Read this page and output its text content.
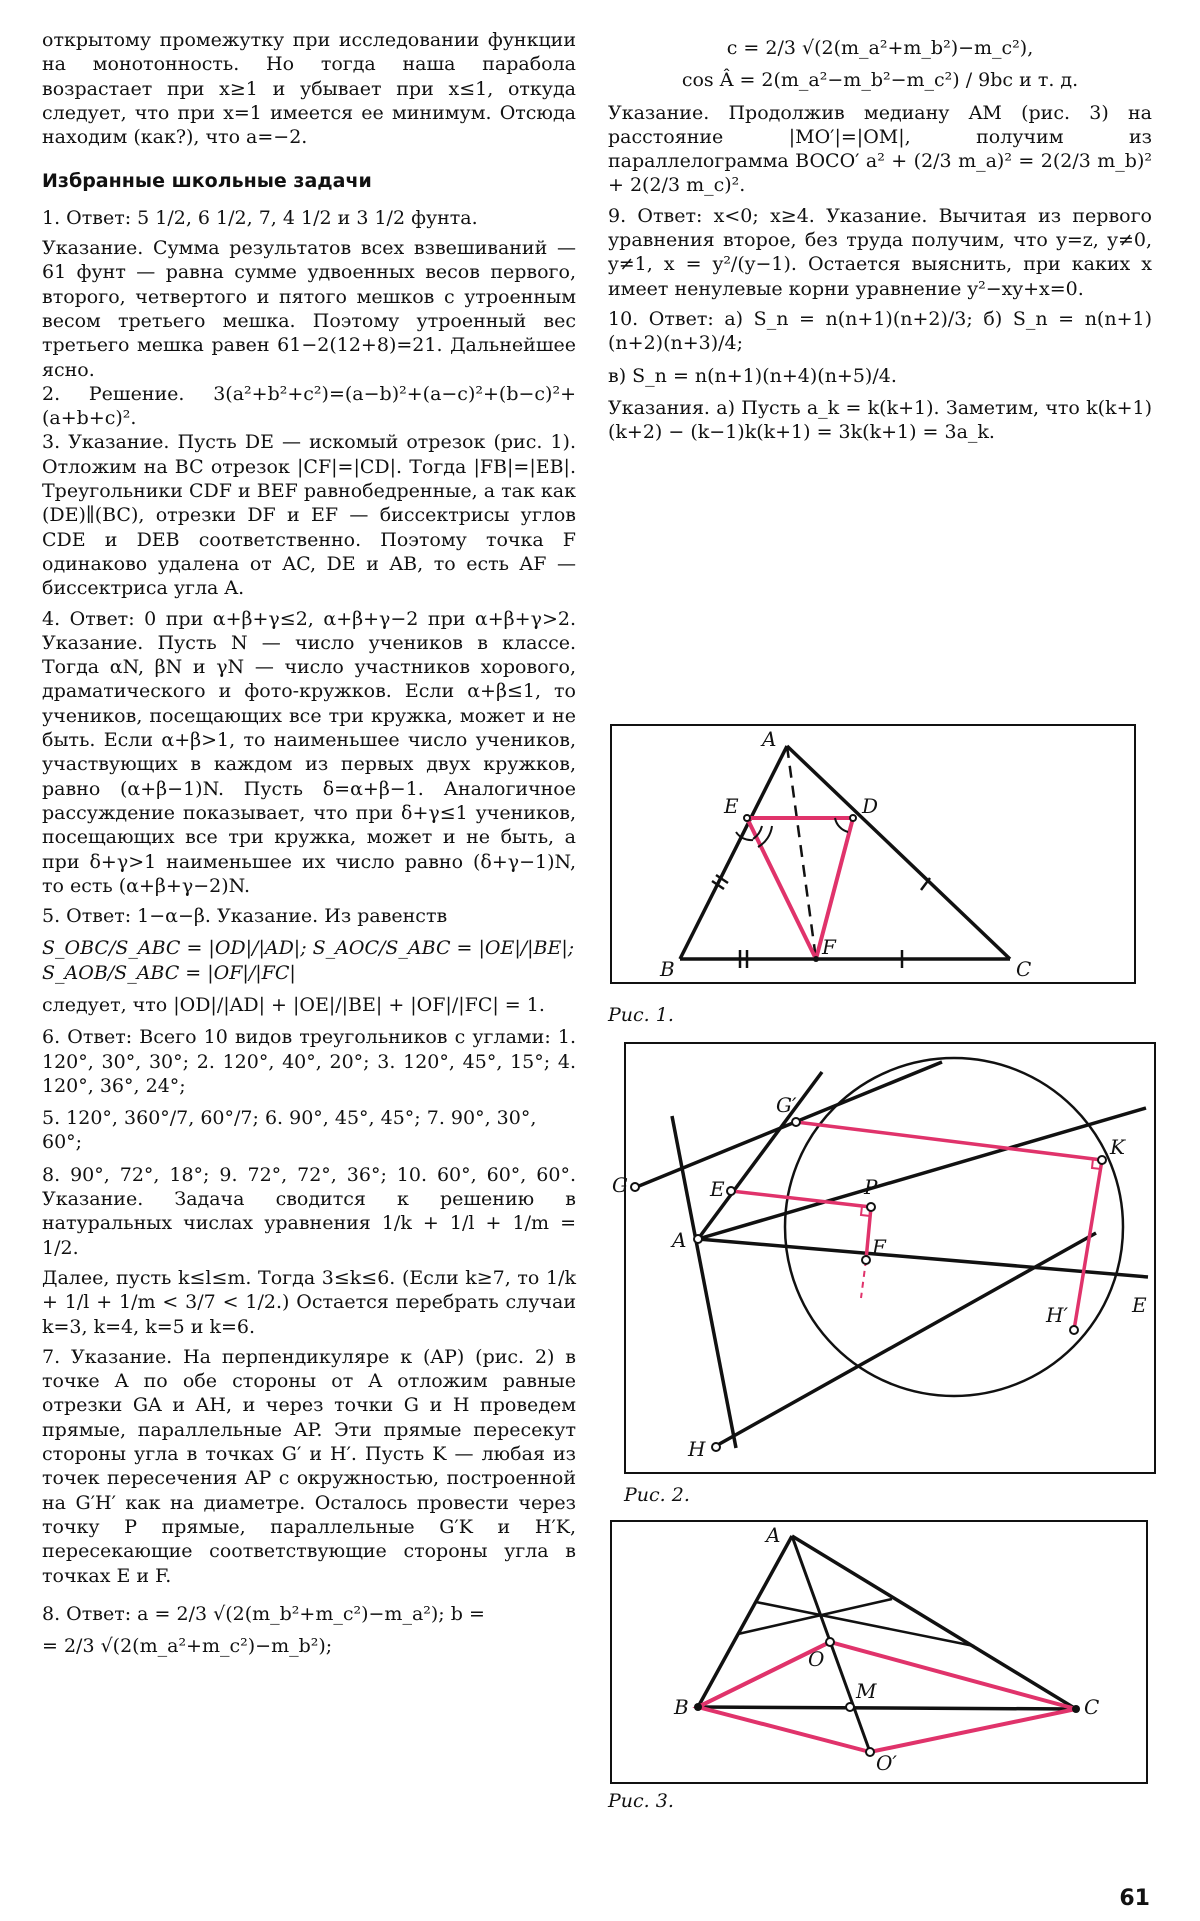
открытому промежутку при исследовании функции на монотонность. Но тогда наша парабола возрастает при x≥1 и убывает при x≤1, откуда следует, что при x=1 имеется ее минимум. Отсюда находим (как?), что a=−2.

Избранные школьные задачи

1. Ответ: 5 1/2, 6 1/2, 7, 4 1/2 и 3 1/2 фунта.

Указание. Сумма результатов всех взвешиваний — 61 фунт — равна сумме удвоенных весов первого, второго, четвертого и пятого мешков с утроенным весом третьего мешка. Поэтому утроенный вес третьего мешка равен 61−2(12+8)=21. Дальнейшее ясно.

2. Решение. 3(a²+b²+c²)=(a−b)²+(a−c)²+(b−c)²+(a+b+c)².

3. Указание. Пусть DE — искомый отрезок (рис. 1). Отложим на BC отрезок |CF|=|CD|. Тогда |FB|=|EB|. Треугольники CDF и BEF равнобедренные, а так как (DE)∥(BC), отрезки DF и EF — биссектрисы углов CDE и DEB соответственно. Поэтому точка F одинаково удалена от AC, DE и AB, то есть AF — биссектриса угла A.

4. Ответ: 0 при α+β+γ≤2, α+β+γ−2 при α+β+γ>2. Указание. Пусть N — число учеников в классе. Тогда αN, βN и γN — число участников хорового, драматического и фото-кружков. Если α+β≤1, то учеников, посещающих все три кружка, может и не быть. Если α+β>1, то наименьшее число учеников, участвующих в каждом из первых двух кружков, равно (α+β−1)N. Пусть δ=α+β−1. Аналогичное рассуждение показывает, что при δ+γ≤1 учеников, посещающих все три кружка, может и не быть, а при δ+γ>1 наименьшее их число равно (δ+γ−1)N, то есть (α+β+γ−2)N.

5. Ответ: 1−α−β. Указание. Из равенств

S_OBC/S_ABC = |OD|/|AD|; S_AOC/S_ABC = |OE|/|BE|; S_AOB/S_ABC = |OF|/|FC|

следует, что |OD|/|AD| + |OE|/|BE| + |OF|/|FC| = 1.

6. Ответ: Всего 10 видов треугольников с углами: 1. 120°, 30°, 30°; 2. 120°, 40°, 20°; 3. 120°, 45°, 15°; 4. 120°, 36°, 24°;

5. 120°, 360°/7, 60°/7; 6. 90°, 45°, 45°; 7. 90°, 30°, 60°;

8. 90°, 72°, 18°; 9. 72°, 72°, 36°; 10. 60°, 60°, 60°. Указание. Задача сводится к решению в натуральных числах уравнения 1/k + 1/l + 1/m = 1/2.

Далее, пусть k≤l≤m. Тогда 3≤k≤6. (Если k≥7, то 1/k + 1/l + 1/m < 3/7 < 1/2.) Остается перебрать случаи k=3, k=4, k=5 и k=6.

7. Указание. На перпендикуляре к (AP) (рис. 2) в точке A по обе стороны от A отложим равные отрезки GA и AH, и через точки G и H проведем прямые, параллельные AP. Эти прямые пересекут стороны угла в точках G′ и H′. Пусть K — любая из точек пересечения AP с окружностью, построенной на G′H′ как на диаметре. Осталось провести через точку P прямые, параллельные G′K и H′K, пересекающие соответствующие стороны угла в точках E и F.

8. Ответ: a = 2/3 √(2(m_b²+m_c²)−m_a²); b =

= 2/3 √(2(m_a²+m_c²)−m_b²);

c = 2/3 √(2(m_a²+m_b²)−m_c²),

cos Â = 2(m_a²−m_b²−m_c²) / 9bc и т. д.

Указание. Продолжив медиану AM (рис. 3) на расстояние |MO′|=|OM|, получим из параллелограмма BOCO′ a² + (2/3 m_a)² = 2(2/3 m_b)² + 2(2/3 m_c)².

9. Ответ: x<0; x≥4. Указание. Вычитая из первого уравнения второе, без труда получим, что y=z, y≠0, y≠1, x = y²/(y−1). Остается выяснить, при каких x имеет ненулевые корни уравнение y²−xy+x=0.

10. Ответ: а) S_n = n(n+1)(n+2)/3; б) S_n = n(n+1)(n+2)(n+3)/4;

в) S_n = n(n+1)(n+4)(n+5)/4.

Указания. а) Пусть a_k = k(k+1). Заметим, что k(k+1)(k+2) − (k−1)k(k+1) = 3k(k+1) = 3a_k.

A
E	D
B
F
C
Рис. 1.
G′
K
G	E	P
A	F
H′	E
H
Рис. 2.
A
O
M
B	C
O′
Рис. 3.
61
